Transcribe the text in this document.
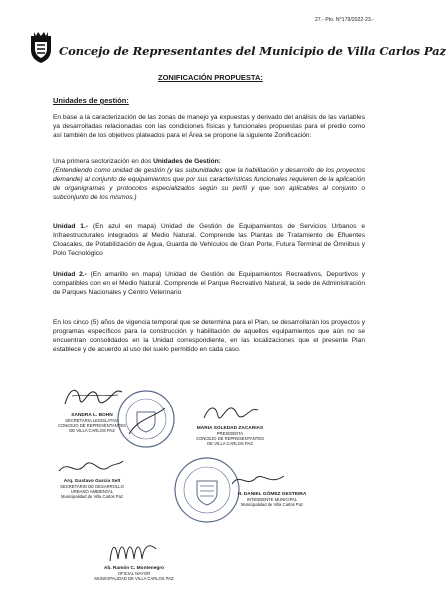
27.- Pto. N°179/2022-23.-
Concejo de Representantes del Municipio de Villa Carlos Paz
ZONIFICACIÓN PROPUESTA:
Unidades de gestión:

En base a la caracterización de las zonas de manejo ya expuestas y derivado del análisis de las variables ya desarrolladas relacionadas con las condiciones físicas y funcionales propuestas para el predio como así también de los objetivos plateados para el Área se propone la siguiente Zonificación:

Una primera sectorización en dos Unidades de Gestión:
(Entendiendo como unidad de gestión (y las subunidades que la habilitación y desarrollo de los proyectos demande) al conjunto de equipamientos que por sus características funcionales requieren de la aplicación de organigramas y protocolos especializados según su perfil y que son aplicables al conjunto o subconjunto de los mismos.)

Unidad 1.- (En azul en mapa) Unidad de Gestión de Equipamientos de Servicios Urbanos e Infraestructurales integrados al Medio Natural. Comprende las Plantas de Tratamiento de Efluentes Cloacales, de Potabilización de Agua, Guarda de Vehículos de Gran Porte, Futura Terminal de Ómnibus y Polo Tecnológico

Unidad 2.- (En amarillo en mapa) Unidad de Gestión de Equipamientos Recreativos, Deportivos y compatibles con en el Medio Natural. Comprende el Parque Recreativo Natural, la sede de Administración de Parques Nacionales y Centro Veterinario

En los cinco (5) años de vigencia temporal que se determina para el Plan, se desarrollarán los proyectos y programas específicos para la construcción y habilitación de aquellos equipamientos que aún no se encuentran consolidados en la Unidad correspondiente, en las localizaciones que el presente Plan establece y de acuerdo al uso del suelo permitido en cada caso.

SANDRA L. BOHN
SECRETARIA LEGISLATIVA
CONCEJO DE REPRESENTANTES
DE VILLA CARLOS PAZ	MARIA SOLEDAD ZACARIAS
PRESIDENTA
CONCEJO DE REPRESENTANTES
DE VILLA CARLOS PAZ
Arq. Gustavo Garcia Selt
SECRETARIO DE DESARROLLO
URBANO AMBIENTAL
Municipalidad de Villa Carlos Paz	H. DANIEL GÓMEZ GESTEIRA
INTENDENTE MUNICIPAL
Municipalidad de Villa Carlos Paz
Ab. Ramón C. Montenegro
OFICIAL MAYOR
MUNICIPALIDAD DE VILLA CARLOS PAZ
